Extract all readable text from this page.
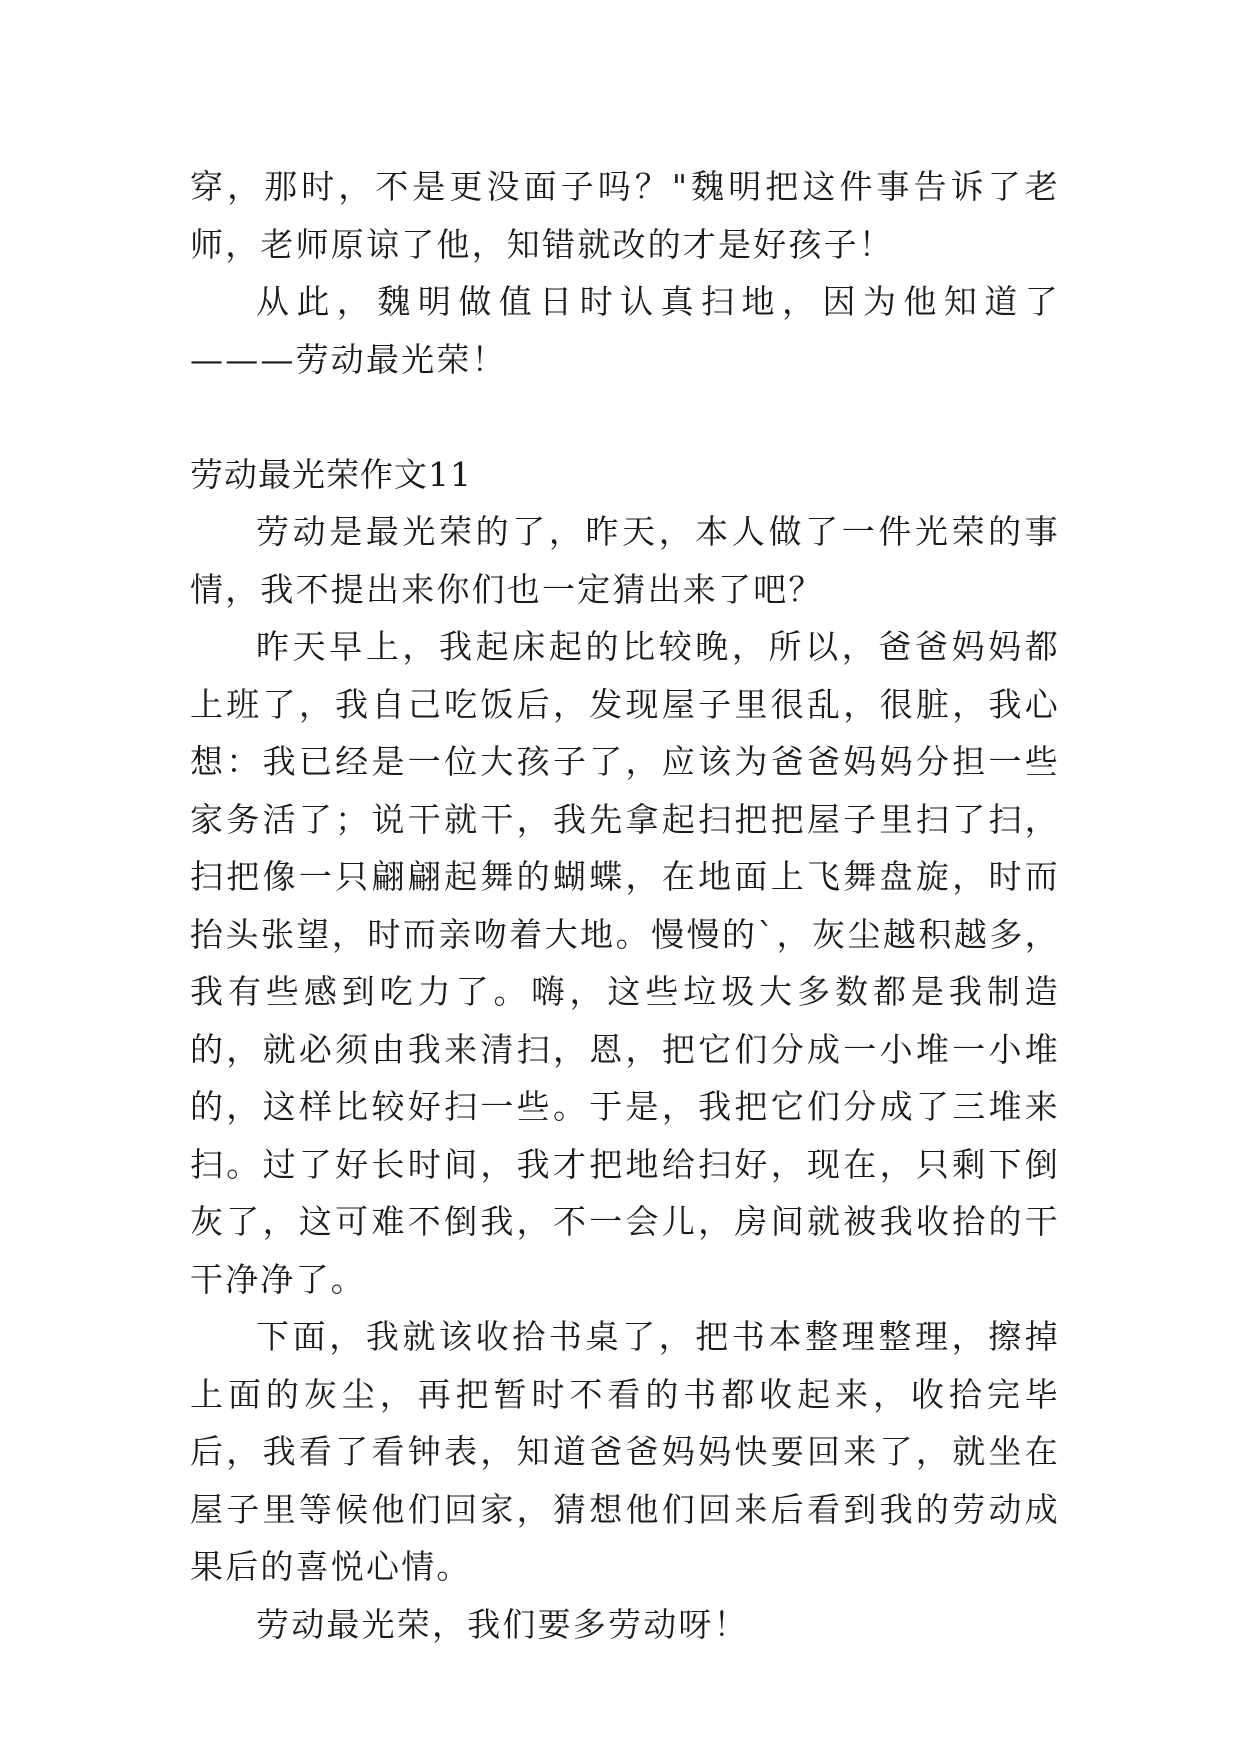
穿，那时，不是更没面子吗？"魏明把这件事告诉了老师，老师原谅了他，知错就改的才是好孩子！

从此，魏明做值日时认真扫地，因为他知道了———劳动最光荣！

劳动最光荣作文11

劳动是最光荣的了，昨天，本人做了一件光荣的事情，我不提出来你们也一定猜出来了吧？

昨天早上，我起床起的比较晚，所以，爸爸妈妈都上班了，我自己吃饭后，发现屋子里很乱，很脏，我心想：我已经是一位大孩子了，应该为爸爸妈妈分担一些家务活了；说干就干，我先拿起扫把把屋子里扫了扫，扫把像一只翩翩起舞的蝴蝶，在地面上飞舞盘旋，时而抬头张望，时而亲吻着大地。慢慢的`，灰尘越积越多，我有些感到吃力了。嗨，这些垃圾大多数都是我制造的，就必须由我来清扫，恩，把它们分成一小堆一小堆的，这样比较好扫一些。于是，我把它们分成了三堆来扫。过了好长时间，我才把地给扫好，现在，只剩下倒灰了，这可难不倒我，不一会儿，房间就被我收拾的干干净净了。

下面，我就该收拾书桌了，把书本整理整理，擦掉上面的灰尘，再把暂时不看的书都收起来，收拾完毕后，我看了看钟表，知道爸爸妈妈快要回来了，就坐在屋子里等候他们回家，猜想他们回来后看到我的劳动成果后的喜悦心情。

劳动最光荣，我们要多劳动呀！
